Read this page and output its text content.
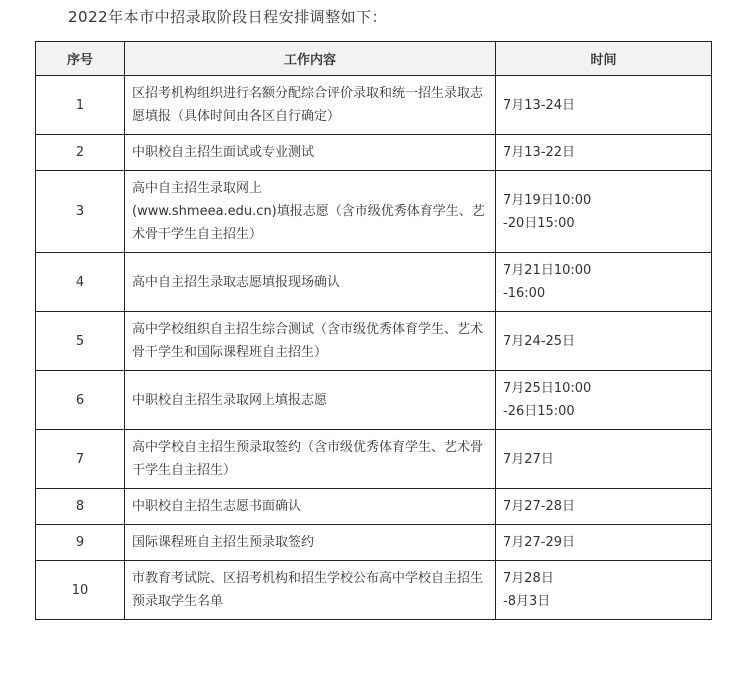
2022年本市中招录取阶段日程安排调整如下：
序号	工作内容	时间
1	区招考机构组织进行名额分配综合评价录取和统一招生录取志愿填报（具体时间由各区自行确定）	7月13-24日
2	中职校自主招生面试或专业测试	7月13-22日
3	高中自主招生录取网上
(www.shmeea.edu.cn)填报志愿（含市级优秀体育学生、艺术骨干学生自主招生）	7月19日10:00
-20日15:00
4	高中自主招生录取志愿填报现场确认	7月21日10:00
-16:00
5	高中学校组织自主招生综合测试（含市级优秀体育学生、艺术骨干学生和国际课程班自主招生）	7月24-25日
6	中职校自主招生录取网上填报志愿	7月25日10:00
-26日15:00
7	高中学校自主招生预录取签约（含市级优秀体育学生、艺术骨干学生自主招生）	7月27日
8	中职校自主招生志愿书面确认	7月27-28日
9	国际课程班自主招生预录取签约	7月27-29日
10	市教育考试院、区招考机构和招生学校公布高中学校自主招生预录取学生名单	7月28日
-8月3日
